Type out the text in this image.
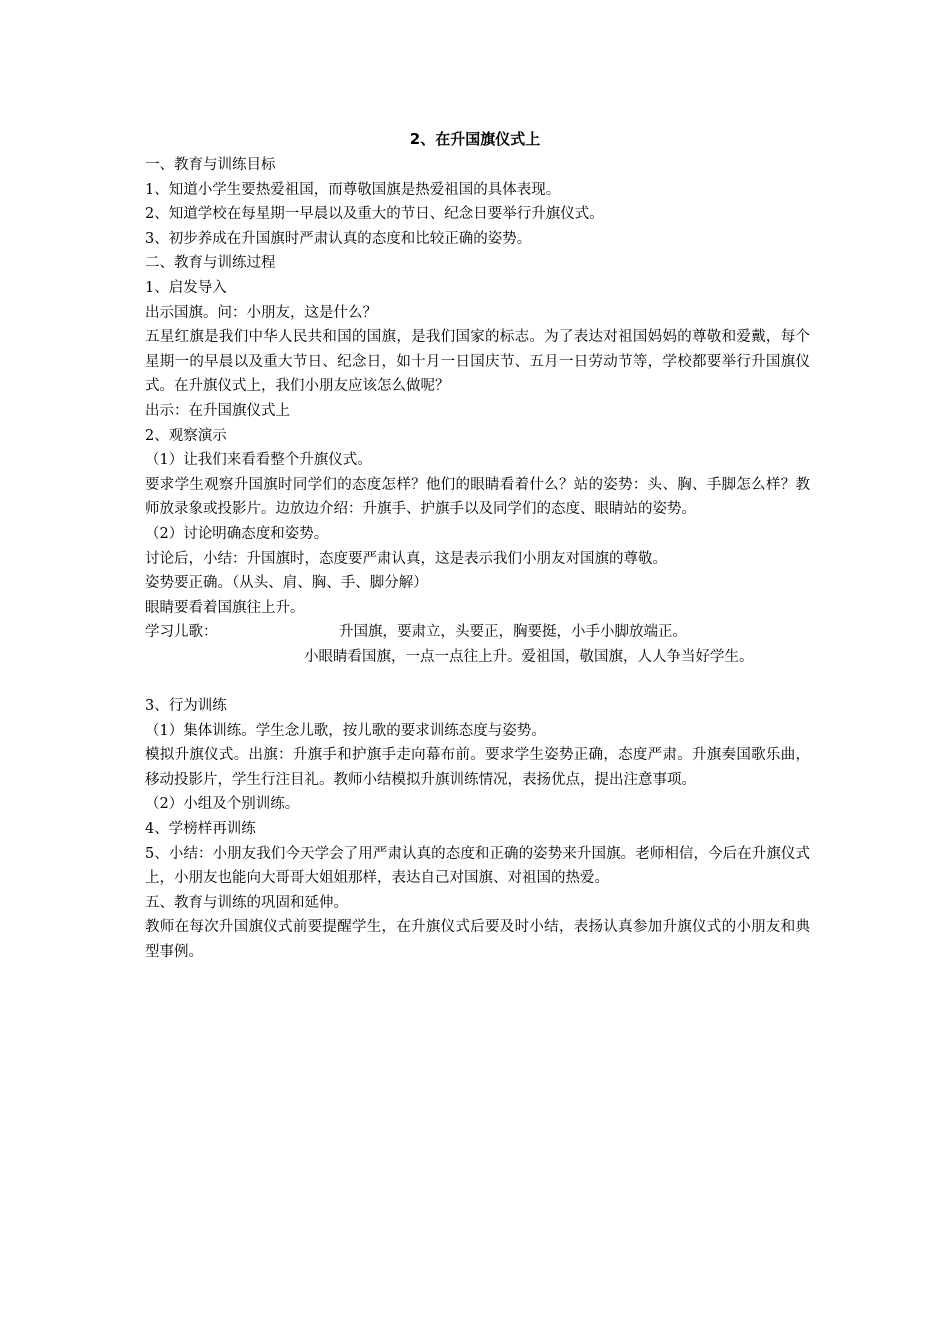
2、在升国旗仪式上
一、教育与训练目标
1、知道小学生要热爱祖国，而尊敬国旗是热爱祖国的具体表现。
2、知道学校在每星期一早晨以及重大的节日、纪念日要举行升旗仪式。
3、初步养成在升国旗时严肃认真的态度和比较正确的姿势。
二、教育与训练过程
1、启发导入
出示国旗。问：小朋友，这是什么？
五星红旗是我们中华人民共和国的国旗，是我们国家的标志。为了表达对祖国妈妈的尊敬和爱戴，每个星期一的早晨以及重大节日、纪念日，如十月一日国庆节、五月一日劳动节等，学校都要举行升国旗仪式。在升旗仪式上，我们小朋友应该怎么做呢？
出示：在升国旗仪式上
2、观察演示
（1）让我们来看看整个升旗仪式。
要求学生观察升国旗时同学们的态度怎样？他们的眼睛看着什么？站的姿势：头、胸、手脚怎么样？教师放录象或投影片。边放边介绍：升旗手、护旗手以及同学们的态度、眼睛站的姿势。
（2）讨论明确态度和姿势。
讨论后，小结：升国旗时，态度要严肃认真，这是表示我们小朋友对国旗的尊敬。
姿势要正确。（从头、肩、胸、手、脚分解）
眼睛要看着国旗往上升。
学习儿歌：	升国旗，要肃立，头要正，胸要挺，小手小脚放端正。
小眼睛看国旗，一点一点往上升。爱祖国，敬国旗，人人争当好学生。
3、行为训练
（1）集体训练。学生念儿歌，按儿歌的要求训练态度与姿势。
模拟升旗仪式。出旗：升旗手和护旗手走向幕布前。要求学生姿势正确，态度严肃。升旗奏国歌乐曲，移动投影片，学生行注目礼。教师小结模拟升旗训练情况，表扬优点，提出注意事项。
（2）小组及个别训练。
4、学榜样再训练
5、小结：小朋友我们今天学会了用严肃认真的态度和正确的姿势来升国旗。老师相信，今后在升旗仪式上，小朋友也能向大哥哥大姐姐那样，表达自己对国旗、对祖国的热爱。
五、教育与训练的巩固和延伸。
教师在每次升国旗仪式前要提醒学生，在升旗仪式后要及时小结，表扬认真参加升旗仪式的小朋友和典型事例。
